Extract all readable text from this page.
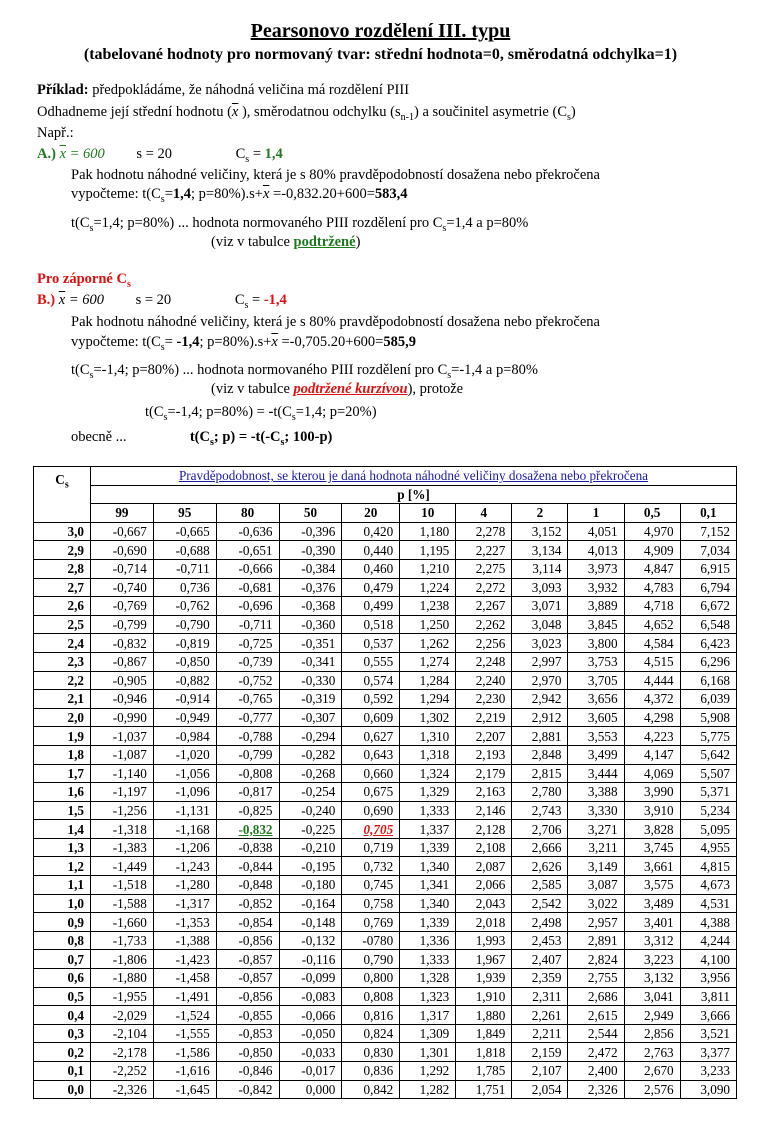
Pearsonovo rozdělení III. typu
(tabelované hodnoty pro normovaný tvar: střední hodnota=0, směrodatná odchylka=1)
Příklad: předpokládáme, že náhodná veličina má rozdělení PIII
Odhadneme její střední hodnotu ($\overline{x}$ ), směrodatnou odchylku $(s_{n-1})$ a součinitel asymetrie $(C_s)$
Např.:
A.) $\overline{x} = 600$ s = 20	$C_s = 1,4$
Pak hodnotu náhodné veličiny, která je s 80% pravděpodobností dosažena nebo překročena
vypočteme: $t(C_s=1,4$; $p=80\%).s+\overline{x} =-0,832.20+600=583,4$
$t(C_s=1,4$; p=80%) ... hodnota normovaného PIII rozdělení pro $C_s=1,4$ a p=80%
(viz v tabulce podtržené)
Pro záporné $C_s$
B.) $\overline{x} = 600$ s = 20	$C_s = -1,4$
Pak hodnotu náhodné veličiny, která je s 80% pravděpodobností dosažena nebo překročena
vypočteme: $t(C_s= -1,4$; $p=80\%).s+\overline{x} =-0,705.20+600=585,9$
$t(C_s=-1,4$; p=80%) ... hodnota normovaného PIII rozdělení pro $C_s=-1,4$ a p=80%
(viz v tabulce podtržené kurzívou), protože
$t(C_s=-1,4$; $p=80\%) = -t(C_s=1,4$; p=20%)
obecně ...	$t(C_s$; $p) = -t(-C_s$; 100-p)
$C_s$	Pravděpodobnost, se kterou je daná hodnota náhodné veličiny dosažena nebo překročena										
	p [%]										
	99	95	80	50	20	10	4	2	1	0,5	0,1
3,0	-0,667	-0,665	-0,636	-0,396	0,420	1,180	2,278	3,152	4,051	4,970	7,152
2,9	-0,690	-0,688	-0,651	-0,390	0,440	1,195	2,227	3,134	4,013	4,909	7,034
2,8	-0,714	-0,711	-0,666	-0,384	0,460	1,210	2,275	3,114	3,973	4,847	6,915
2,7	-0,740	0,736	-0,681	-0,376	0,479	1,224	2,272	3,093	3,932	4,783	6,794
2,6	-0,769	-0,762	-0,696	-0,368	0,499	1,238	2,267	3,071	3,889	4,718	6,672
2,5	-0,799	-0,790	-0,711	-0,360	0,518	1,250	2,262	3,048	3,845	4,652	6,548
2,4	-0,832	-0,819	-0,725	-0,351	0,537	1,262	2,256	3,023	3,800	4,584	6,423
2,3	-0,867	-0,850	-0,739	-0,341	0,555	1,274	2,248	2,997	3,753	4,515	6,296
2,2	-0,905	-0,882	-0,752	-0,330	0,574	1,284	2,240	2,970	3,705	4,444	6,168
2,1	-0,946	-0,914	-0,765	-0,319	0,592	1,294	2,230	2,942	3,656	4,372	6,039
2,0	-0,990	-0,949	-0,777	-0,307	0,609	1,302	2,219	2,912	3,605	4,298	5,908
1,9	-1,037	-0,984	-0,788	-0,294	0,627	1,310	2,207	2,881	3,553	4,223	5,775
1,8	-1,087	-1,020	-0,799	-0,282	0,643	1,318	2,193	2,848	3,499	4,147	5,642
1,7	-1,140	-1,056	-0,808	-0,268	0,660	1,324	2,179	2,815	3,444	4,069	5,507
1,6	-1,197	-1,096	-0,817	-0,254	0,675	1,329	2,163	2,780	3,388	3,990	5,371
1,5	-1,256	-1,131	-0,825	-0,240	0,690	1,333	2,146	2,743	3,330	3,910	5,234
1,4	-1,318	-1,168	-0,832	-0,225	0,705	1,337	2,128	2,706	3,271	3,828	5,095
1,3	-1,383	-1,206	-0,838	-0,210	0,719	1,339	2,108	2,666	3,211	3,745	4,955
1,2	-1,449	-1,243	-0,844	-0,195	0,732	1,340	2,087	2,626	3,149	3,661	4,815
1,1	-1,518	-1,280	-0,848	-0,180	0,745	1,341	2,066	2,585	3,087	3,575	4,673
1,0	-1,588	-1,317	-0,852	-0,164	0,758	1,340	2,043	2,542	3,022	3,489	4,531
0,9	-1,660	-1,353	-0,854	-0,148	0,769	1,339	2,018	2,498	2,957	3,401	4,388
0,8	-1,733	-1,388	-0,856	-0,132	-0780	1,336	1,993	2,453	2,891	3,312	4,244
0,7	-1,806	-1,423	-0,857	-0,116	0,790	1,333	1,967	2,407	2,824	3,223	4,100
0,6	-1,880	-1,458	-0,857	-0,099	0,800	1,328	1,939	2,359	2,755	3,132	3,956
0,5	-1,955	-1,491	-0,856	-0,083	0,808	1,323	1,910	2,311	2,686	3,041	3,811
0,4	-2,029	-1,524	-0,855	-0,066	0,816	1,317	1,880	2,261	2,615	2,949	3,666
0,3	-2,104	-1,555	-0,853	-0,050	0,824	1,309	1,849	2,211	2,544	2,856	3,521
0,2	-2,178	-1,586	-0,850	-0,033	0,830	1,301	1,818	2,159	2,472	2,763	3,377
0,1	-2,252	-1,616	-0,846	-0,017	0,836	1,292	1,785	2,107	2,400	2,670	3,233
0,0	-2,326	-1,645	-0,842	0,000	0,842	1,282	1,751	2,054	2,326	2,576	3,090
